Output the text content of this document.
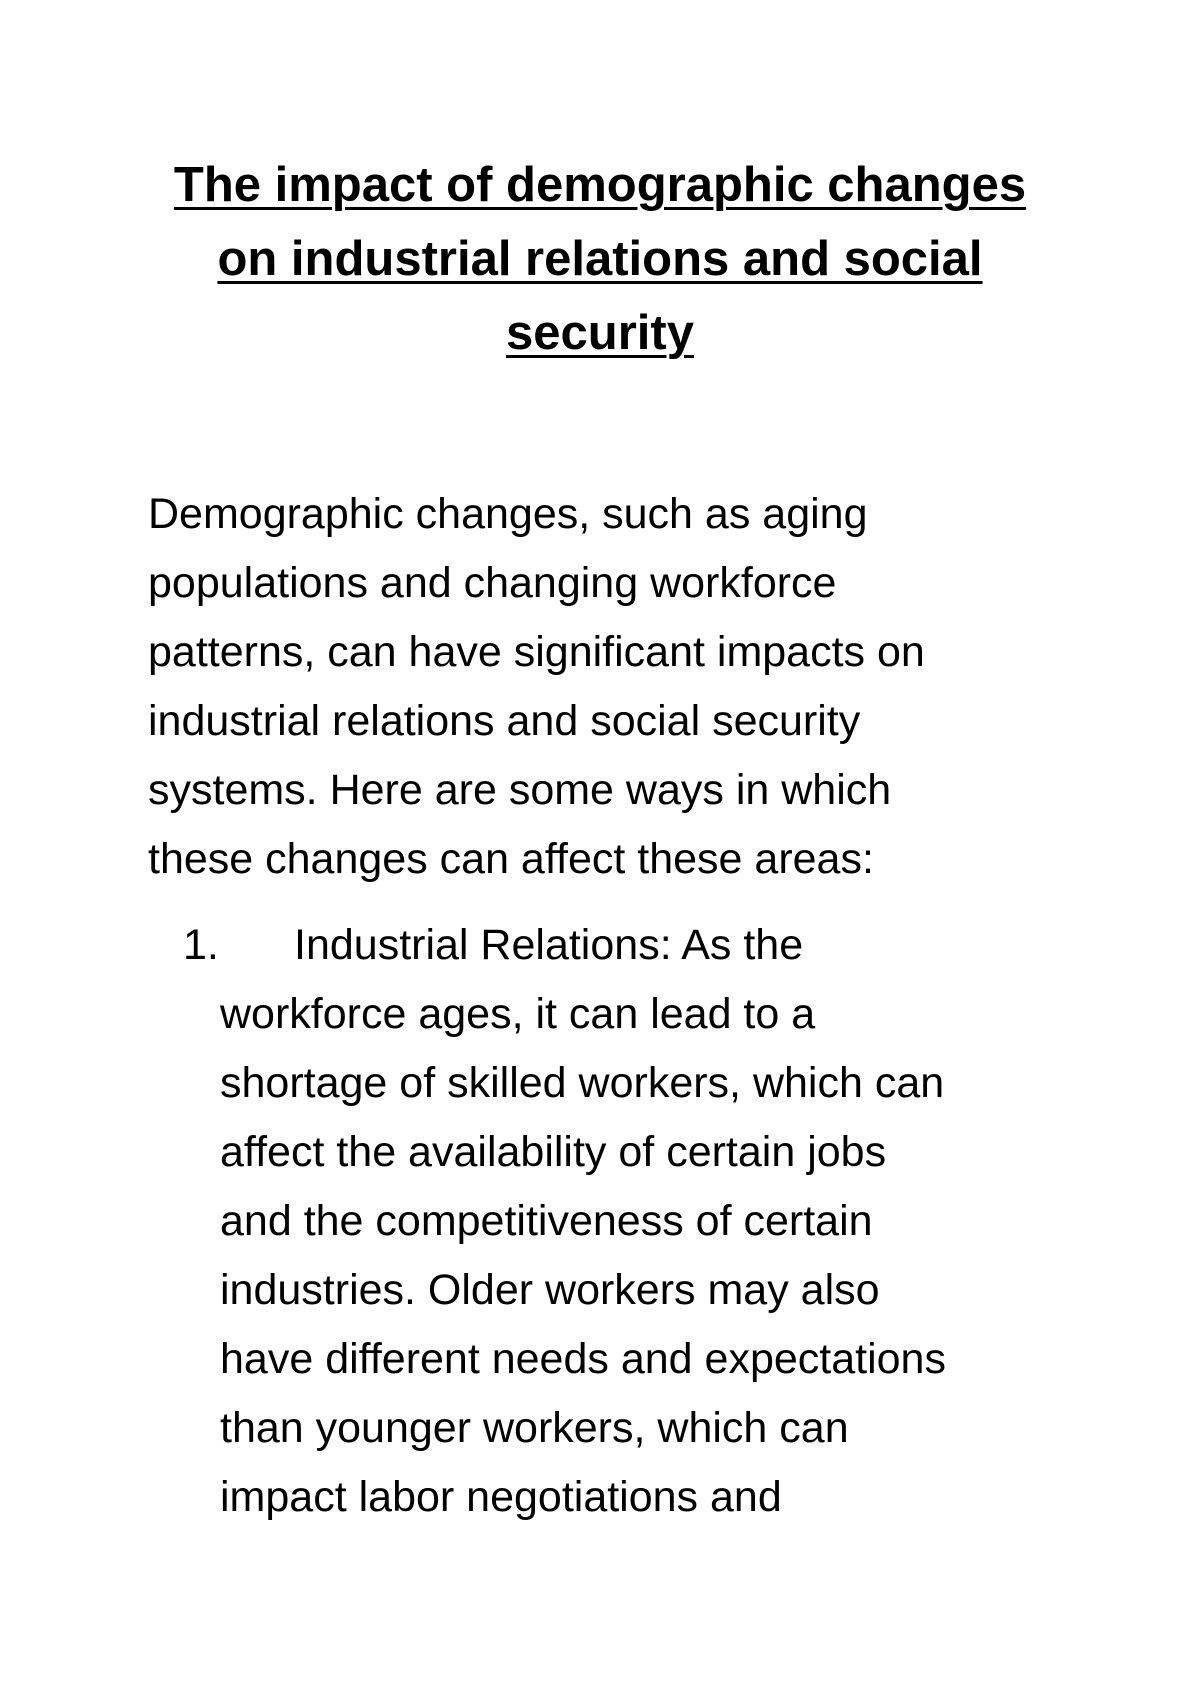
The impact of demographic changes
on industrial relations and social
security

Demographic changes, such as aging
populations and changing workforce
patterns, can have significant impacts on
industrial relations and social security
systems. Here are some ways in which
these changes can affect these areas:

1.	Industrial Relations: As the
workforce ages, it can lead to a
shortage of skilled workers, which can
affect the availability of certain jobs
and the competitiveness of certain
industries. Older workers may also
have different needs and expectations
than younger workers, which can
impact labor negotiations and
